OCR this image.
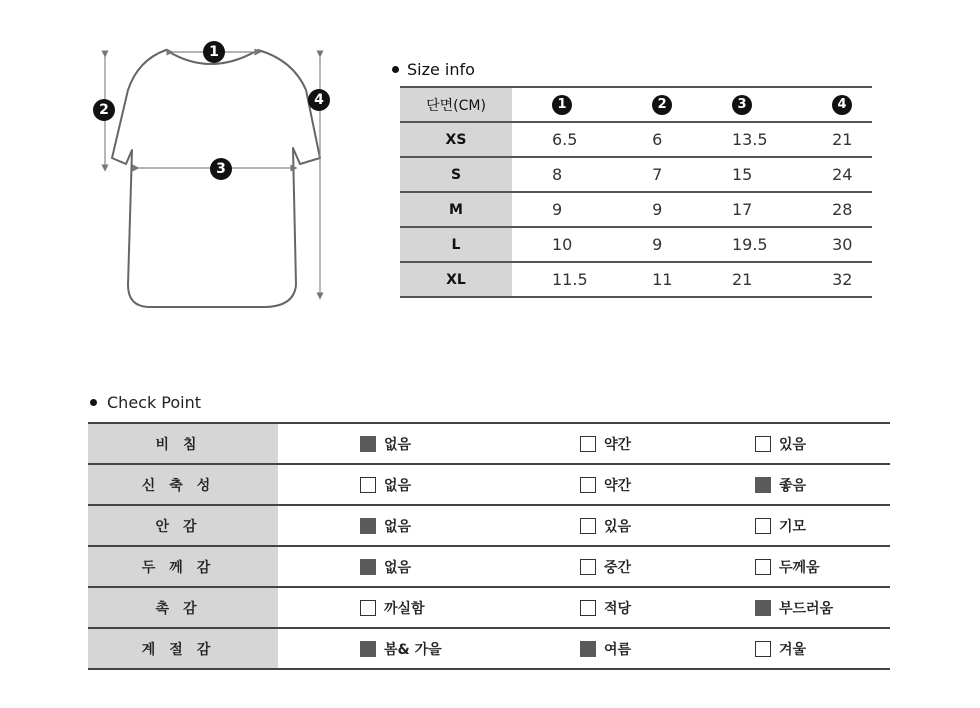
1
2
3
4
Size info
단면(CM)	1	2	3	4

XS	6.5	6	13.5	21
S	8	7	15	24
M	9	9	17	28
L	10	9	19.5	30
XL	11.5	11	21	32
Check Point
비침	없음	약간	있음

신축성	없음	약간	좋음

안감	없음	있음	기모

두께감	없음	중간	두께움

촉감	까실함	적당	부드러움

계절감	봄& 가을	여름	겨울
